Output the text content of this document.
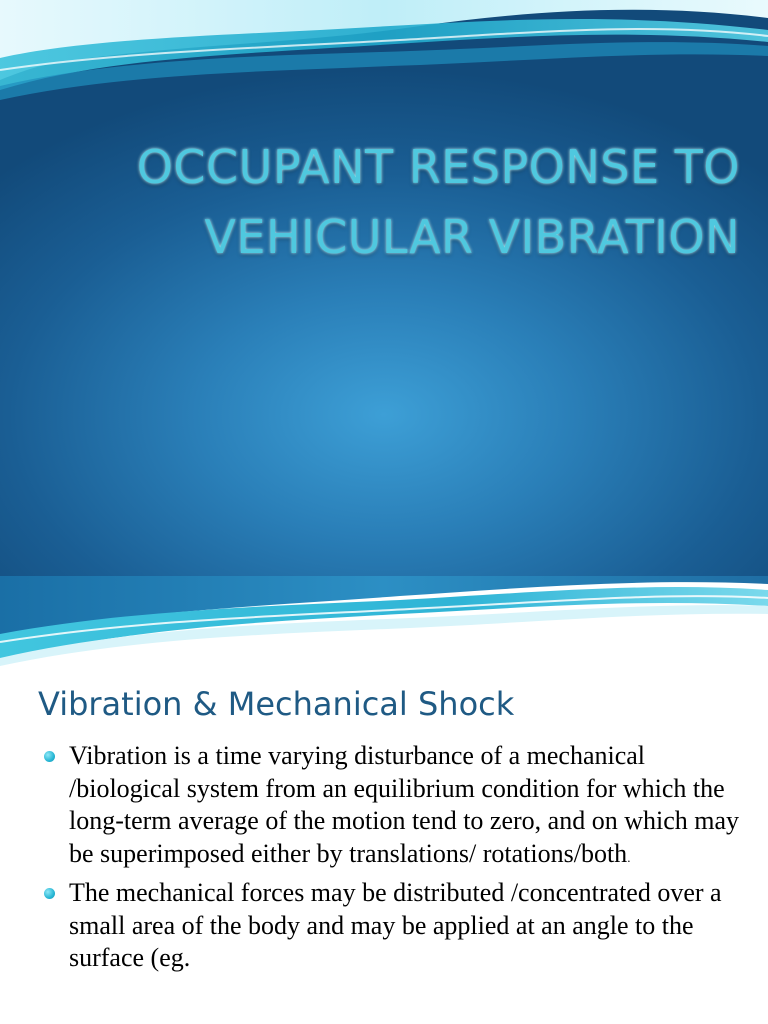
OCCUPANT RESPONSE TO
VEHICULAR VIBRATION
Vibration & Mechanical Shock
Vibration is a time varying disturbance of a mechanical /biological system from an equilibrium condition for which the long-term average of the motion tend to zero, and on which may be superimposed either by translations/ rotations/both.
The mechanical forces may be distributed /concentrated over a small area of the body and may be applied at an angle to the surface (eg.
